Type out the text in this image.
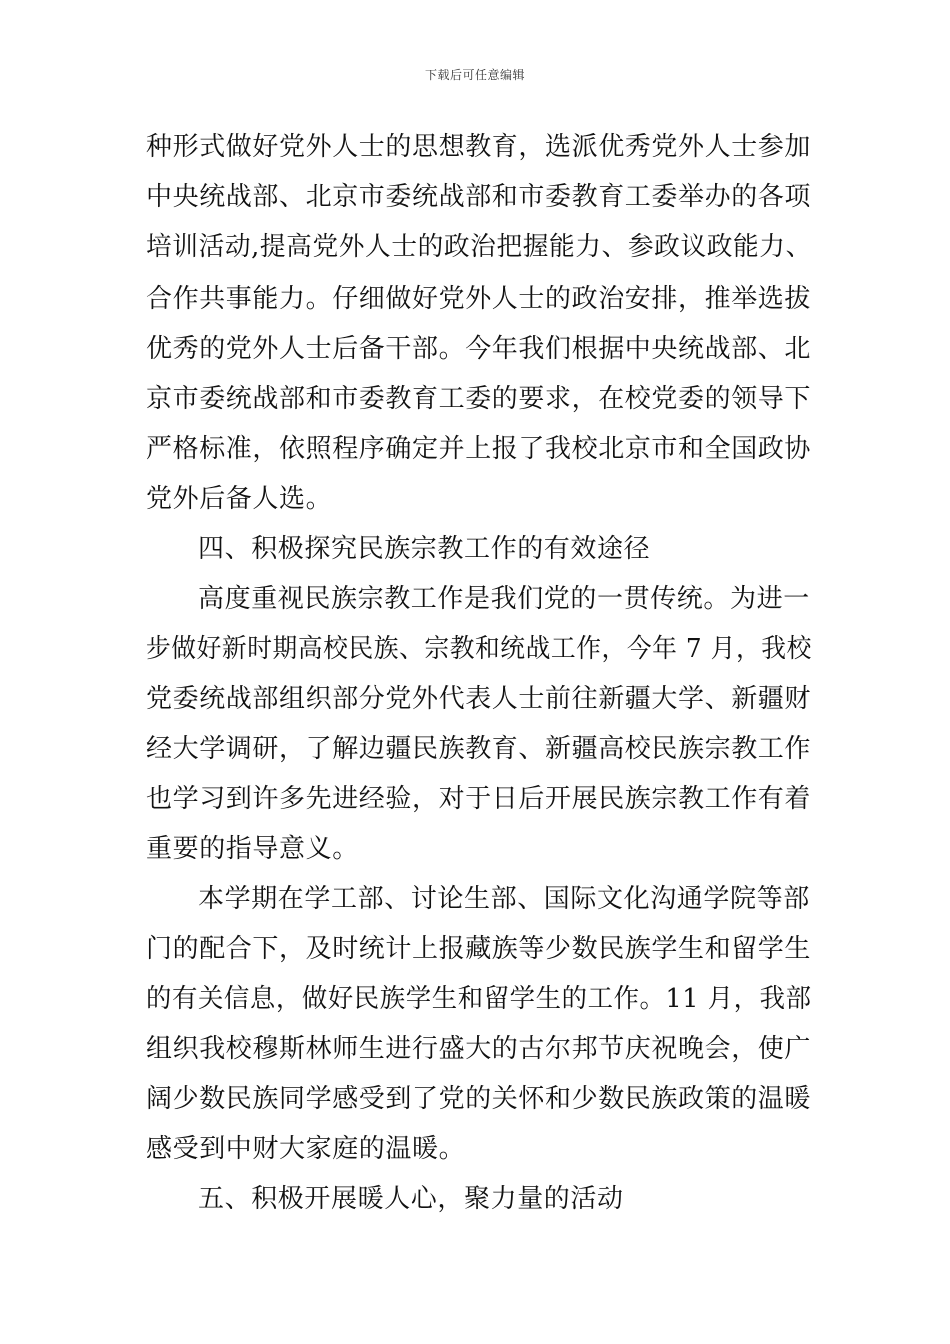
下载后可任意编辑
种形式做好党外人士的思想教育，选派优秀党外人士参加
中央统战部、北京市委统战部和市委教育工委举办的各项
培训活动,提高党外人士的政治把握能力、参政议政能力、
合作共事能力。仔细做好党外人士的政治安排，推举选拔
优秀的党外人士后备干部。今年我们根据中央统战部、北
京市委统战部和市委教育工委的要求，在校党委的领导下
严格标准，依照程序确定并上报了我校北京市和全国政协
党外后备人选。
四、积极探究民族宗教工作的有效途径
高度重视民族宗教工作是我们党的一贯传统。为进一
步做好新时期高校民族、宗教和统战工作，今年 7 月，我校
党委统战部组织部分党外代表人士前往新疆大学、新疆财
经大学调研，了解边疆民族教育、新疆高校民族宗教工作
也学习到许多先进经验，对于日后开展民族宗教工作有着
重要的指导意义。
本学期在学工部、讨论生部、国际文化沟通学院等部
门的配合下，及时统计上报藏族等少数民族学生和留学生
的有关信息，做好民族学生和留学生的工作。11 月，我部
组织我校穆斯林师生进行盛大的古尔邦节庆祝晚会，使广
阔少数民族同学感受到了党的关怀和少数民族政策的温暖
感受到中财大家庭的温暖。
五、积极开展暖人心，聚力量的活动
